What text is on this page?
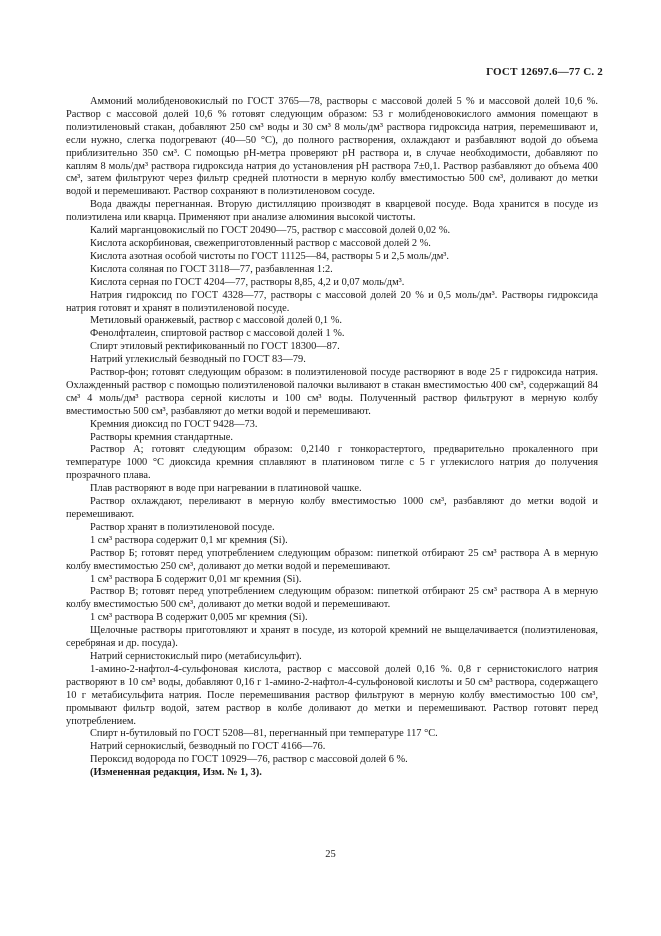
ГОСТ 12697.6—77 С. 2

Аммоний молибденовокислый по ГОСТ 3765—78, растворы с массовой долей 5 % и массовой долей 10,6 %. Раствор с массовой долей 10,6 % готовят следующим образом: 53 г молибденовокислого аммония помещают в полиэтиленовый стакан, добавляют 250 см³ воды и 30 см³ 8 моль/дм³ раствора гидроксида натрия, перемешивают и, если нужно, слегка подогревают (40—50 °С), до полного растворения, охлаждают и разбавляют водой до объема приблизительно 350 см³. С помощью рН-метра проверяют рН раствора и, в случае необходимости, добавляют по каплям 8 моль/дм³ раствора гидроксида натрия до установления рН раствора 7±0,1. Раствор разбавляют до объема 400 см³, затем фильтруют через фильтр средней плотности в мерную колбу вместимостью 500 см³, доливают до метки водой и перемешивают. Раствор сохраняют в полиэтиленовом сосуде.

Вода дважды перегнанная. Вторую дистилляцию производят в кварцевой посуде. Вода хранится в посуде из полиэтилена или кварца. Применяют при анализе алюминия высокой чистоты.

Калий марганцовокислый по ГОСТ 20490—75, раствор с массовой долей 0,02 %.

Кислота аскорбиновая, свежеприготовленный раствор с массовой долей 2 %.

Кислота азотная особой чистоты по ГОСТ 11125—84, растворы 5 и 2,5 моль/дм³.

Кислота соляная по ГОСТ 3118—77, разбавленная 1:2.

Кислота серная по ГОСТ 4204—77, растворы 8,85, 4,2 и 0,07 моль/дм³.

Натрия гидроксид по ГОСТ 4328—77, растворы с массовой долей 20 % и 0,5 моль/дм³. Растворы гидроксида натрия готовят и хранят в полиэтиленовой посуде.

Метиловый оранжевый, раствор с массовой долей 0,1 %.

Фенолфталеин, спиртовой раствор с массовой долей 1 %.

Спирт этиловый ректификованный по ГОСТ 18300—87.

Натрий углекислый безводный по ГОСТ 83—79.

Раствор-фон; готовят следующим образом: в полиэтиленовой посуде растворяют в воде 25 г гидроксида натрия. Охлажденный раствор с помощью полиэтиленовой палочки выливают в стакан вместимостью 400 см³, содержащий 84 см³ 4 моль/дм³ раствора серной кислоты и 100 см³ воды. Полученный раствор фильтруют в мерную колбу вместимостью 500 см³, разбавляют до метки водой и перемешивают.

Кремния диоксид по ГОСТ 9428—73.

Растворы кремния стандартные.

Раствор А; готовят следующим образом: 0,2140 г тонкорастертого, предварительно прокаленного при температуре 1000 °С диоксида кремния сплавляют в платиновом тигле с 5 г углекислого натрия до получения прозрачного плава.

Плав растворяют в воде при нагревании в платиновой чашке.

Раствор охлаждают, переливают в мерную колбу вместимостью 1000 см³, разбавляют до метки водой и перемешивают.

Раствор хранят в полиэтиленовой посуде.

1 см³ раствора содержит 0,1 мг кремния (Si).

Раствор Б; готовят перед употреблением следующим образом: пипеткой отбирают 25 см³ раствора А в мерную колбу вместимостью 250 см³, доливают до метки водой и перемешивают.

1 см³ раствора Б содержит 0,01 мг кремния (Si).

Раствор В; готовят перед употреблением следующим образом: пипеткой отбирают 25 см³ раствора А в мерную колбу вместимостью 500 см³, доливают до метки водой и перемешивают.

1 см³ раствора В содержит 0,005 мг кремния (Si).

Щелочные растворы приготовляют и хранят в посуде, из которой кремний не выщелачивается (полиэтиленовая, серебряная и др. посуда).

Натрий сернистокислый пиро (метабисульфит).

1-амино-2-нафтол-4-сульфоновая кислота, раствор с массовой долей 0,16 %. 0,8 г сернистокислого натрия растворяют в 10 см³ воды, добавляют 0,16 г 1-амино-2-нафтол-4-сульфоновой кислоты и 50 см³ раствора, содержащего 10 г метабисульфита натрия. После перемешивания раствор фильтруют в мерную колбу вместимостью 100 см³, промывают фильтр водой, затем раствор в колбе доливают до метки и перемешивают. Раствор готовят перед употреблением.

Спирт н-бутиловый по ГОСТ 5208—81, перегнанный при температуре 117 °С.

Натрий сернокислый, безводный по ГОСТ 4166—76.

Пероксид водорода по ГОСТ 10929—76, раствор с массовой долей 6 %.

(Измененная редакция, Изм. № 1, 3).

25
